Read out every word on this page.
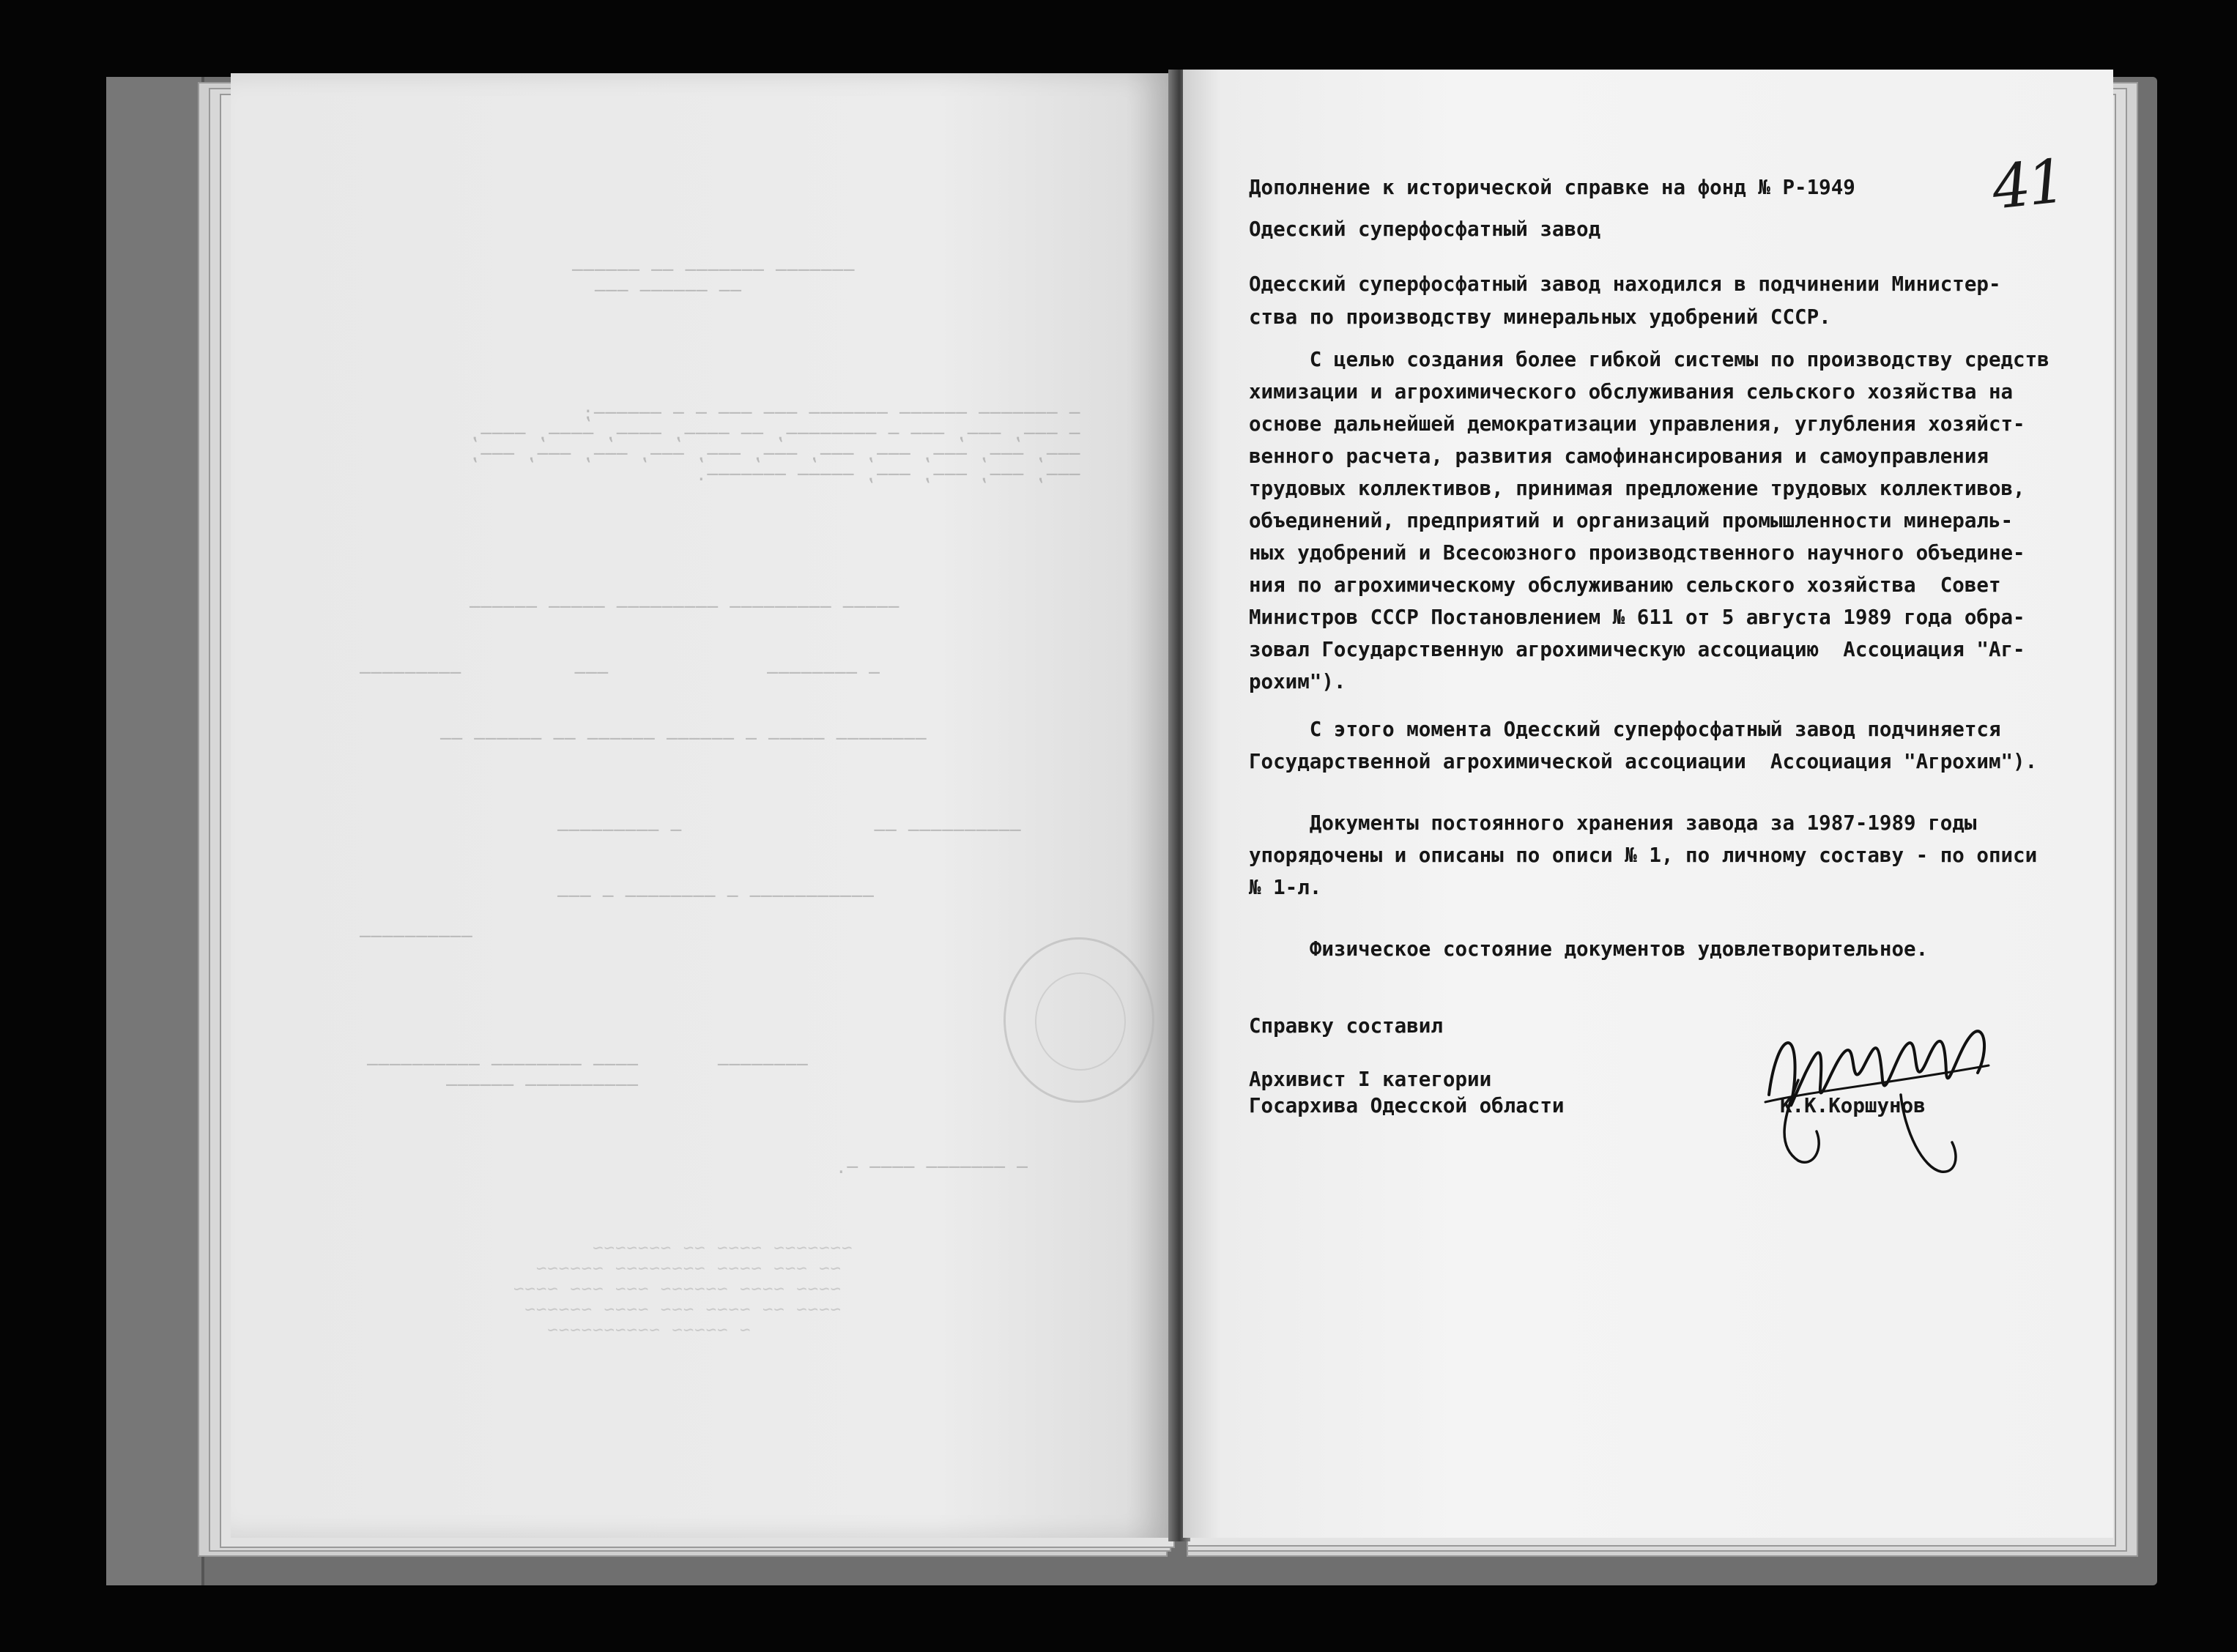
─────── ─────── ── ──────
── ────── ───
─ ─────── ────── ─────── ─── ─── ─ ─ ──────;
─ ───, ───, ─── ─ ────────, ── ────, ────, ────, ────,
───, ───, ───, ───, ───, ───, ───, ───, ───, ───, ───,
───, ───, ───, ───, ───── ───────.
───── ───────── ───────── ───── ──────
─ ────────              ───          ─────────
──────── ───── ─ ────── ────── ── ────── ──
────────── ──                 ─ ─────────
─────────── ─ ──────── ─ ───
──────────
────────       ──── ──────── ──────────
────────── ──────
─ ─────── ──── ─.
~~~~~~~ ~~~~ ~~ ~~~~~~~
~~ ~~~ ~~~~ ~~~~~~~~ ~~~~~~
~~~~ ~~~~ ~~~~~~ ~~~ ~~~ ~~~~
~~~~ ~~ ~~~~ ~~~ ~~~~ ~~~~~~
~ ~~~~~ ~~~~~~~~~~
41
Дополнение к исторической справке на фонд № Р-1949
Одесский суперфосфатный завод
Одесский суперфосфатный завод находился в подчинении Министер-
ства по производству минеральных удобрений СССР.
С целью создания более гибкой системы по производству средств
химизации и агрохимического обслуживания сельского хозяйства на
основе дальнейшей демократизации управления, углубления хозяйст-
венного расчета, развития самофинансирования и самоуправления
трудовых коллективов, принимая предложение трудовых коллективов,
объединений, предприятий и организаций промышленности минераль-
ных удобрений и Всесоюзного производственного научного объедине-
ния по агрохимическому обслуживанию сельского хозяйства  Совет
Министров СССР Постановлением № 611 от 5 августа 1989 года обра-
зовал Государственную агрохимическую ассоциацию  Ассоциация "Аг-
рохим").
С этого момента Одесский суперфосфатный завод подчиняется
Государственной агрохимической ассоциации  Ассоциация "Агрохим").
Документы постоянного хранения завода за 1987-1989 годы
упорядочены и описаны по описи № 1, по личному составу - по описи
№ 1-л.
Физическое состояние документов удовлетворительное.
Справку составил
Архивист I категории
Госархива Одесской области	К.К.Коршунов
